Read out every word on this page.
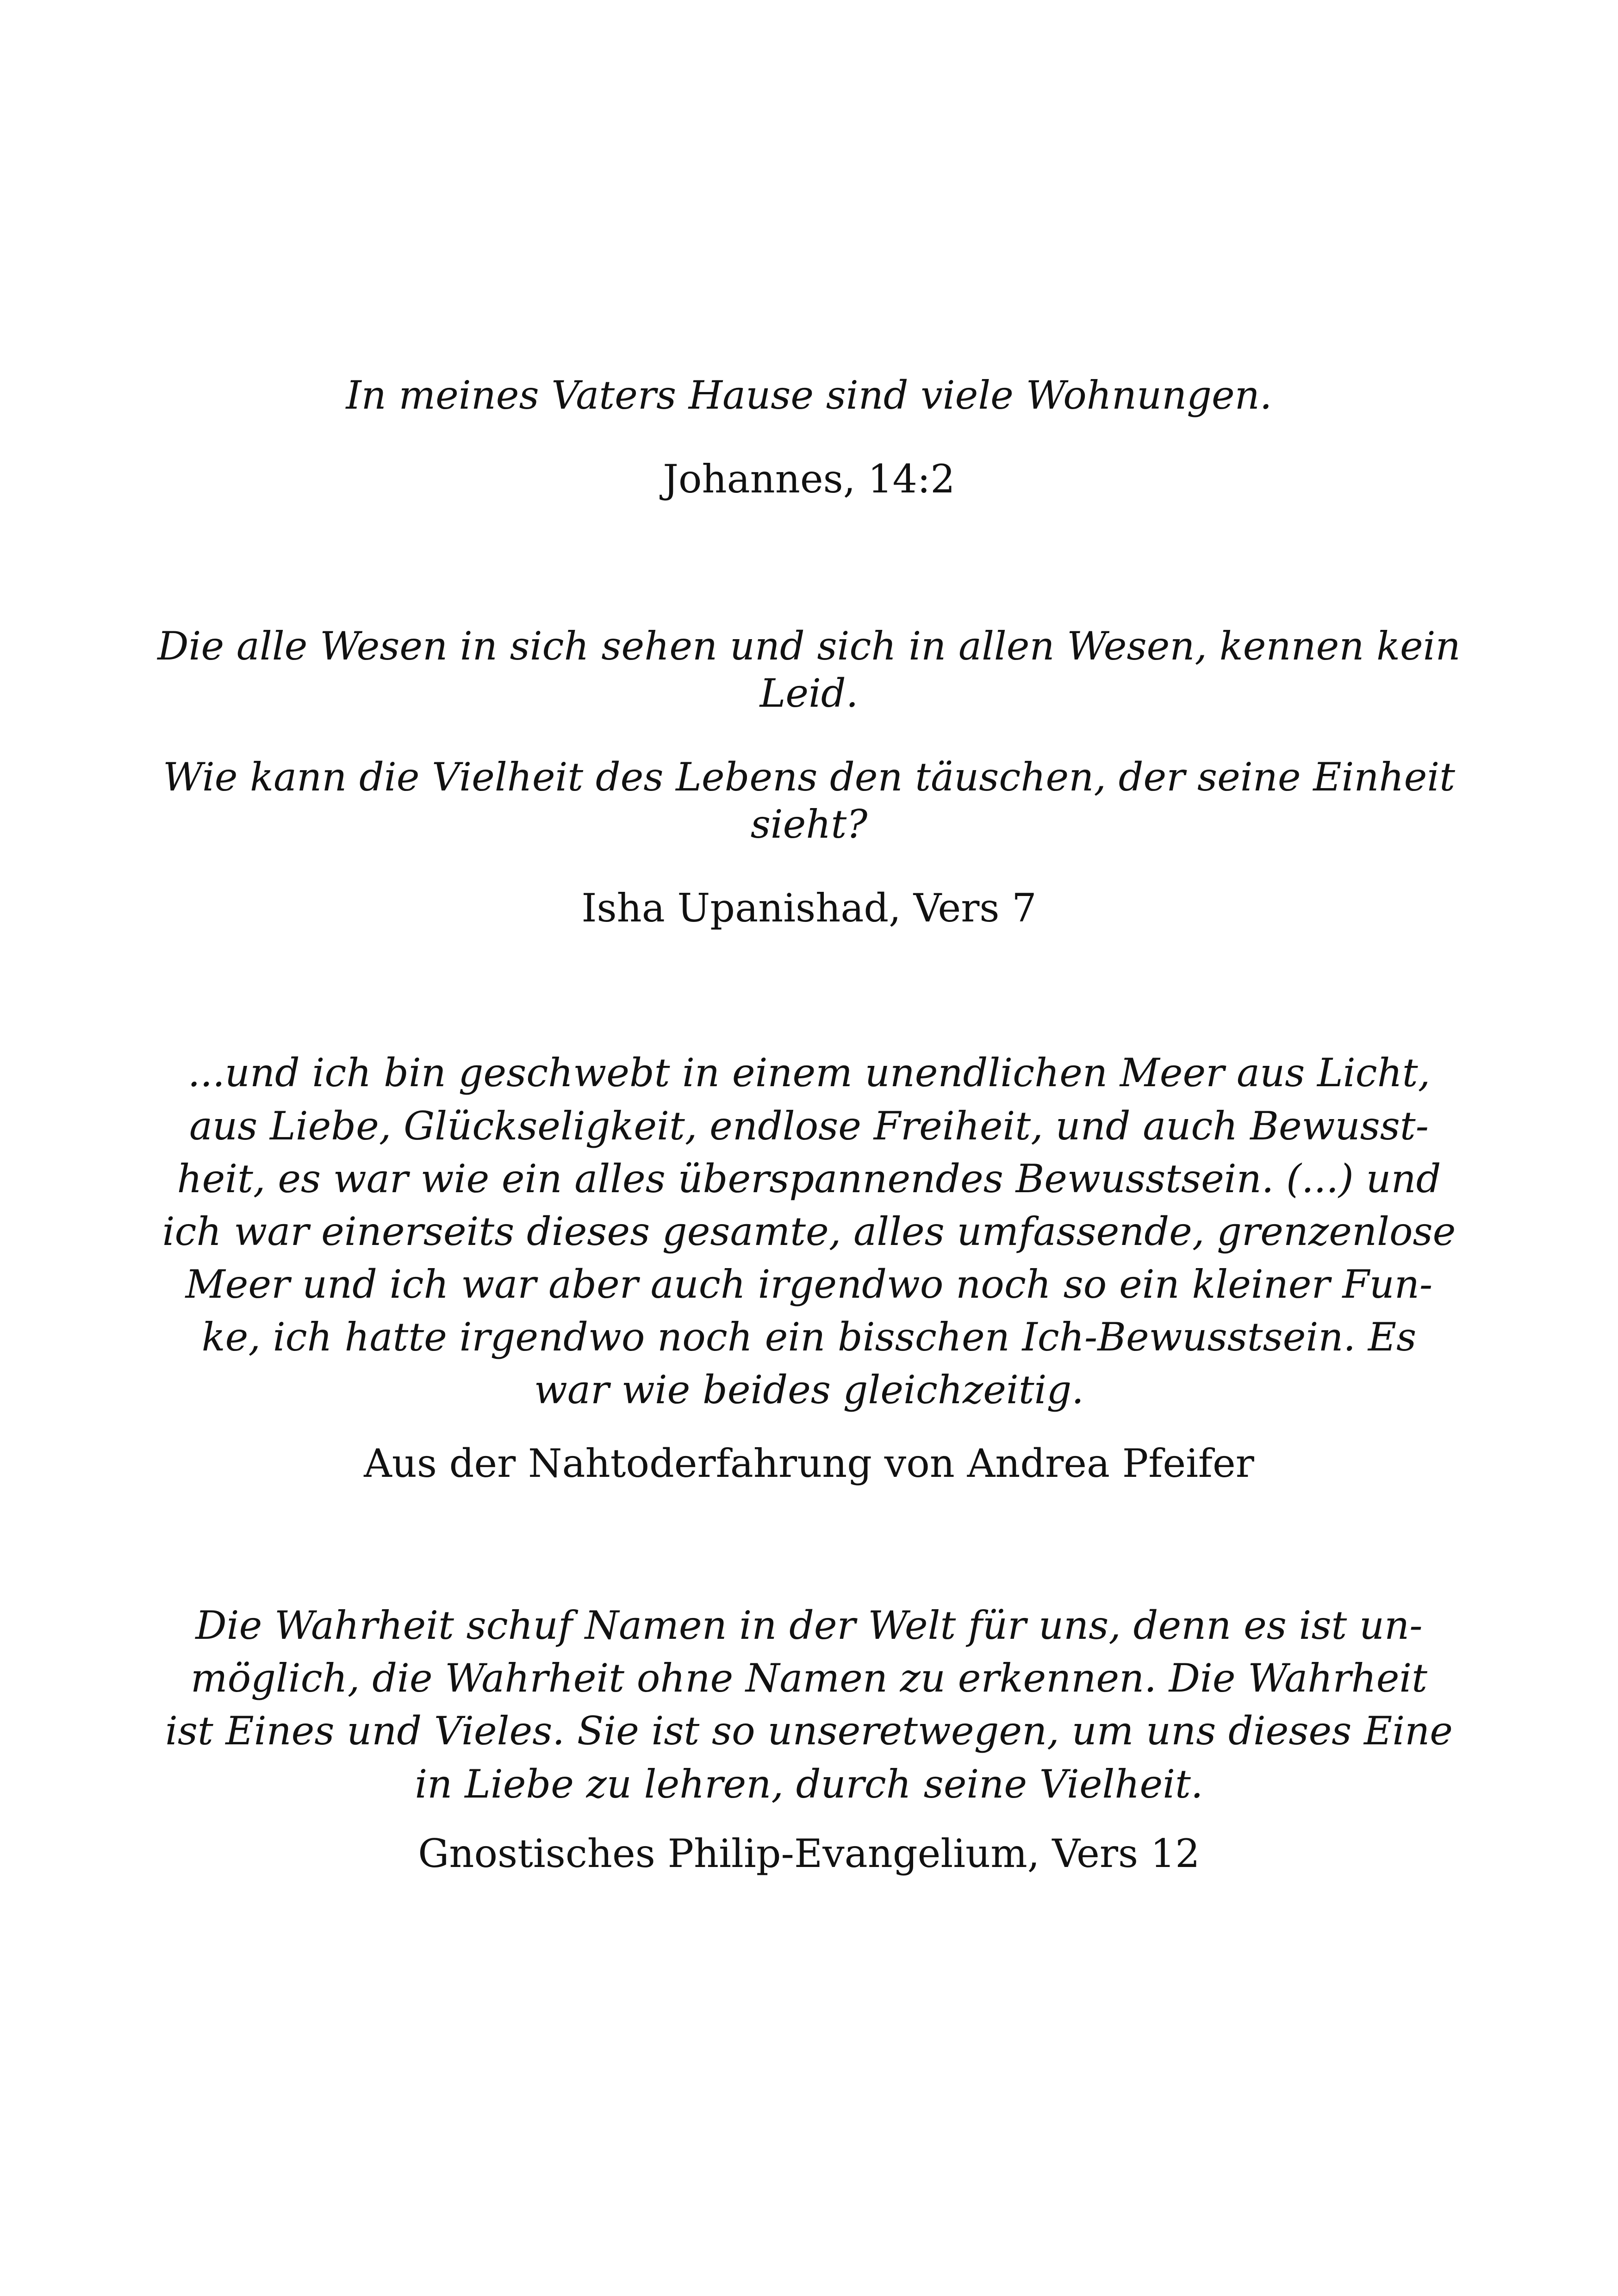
In meines Vaters Hause sind viele Wohnungen.
Johannes, 14:2
Die alle Wesen in sich sehen und sich in allen Wesen, kennen kein
Leid.
Wie kann die Vielheit des Lebens den täuschen, der seine Einheit
sieht?
Isha Upanishad, Vers 7
...und ich bin geschwebt in einem unendlichen Meer aus Licht,
aus Liebe, Glückseligkeit, endlose Freiheit, und auch Bewusst-
heit, es war wie ein alles überspannendes Bewusstsein. (...) und
ich war einerseits dieses gesamte, alles umfassende, grenzenlose
Meer und ich war aber auch irgendwo noch so ein kleiner Fun-
ke, ich hatte irgendwo noch ein bisschen Ich-Bewusstsein. Es
war wie beides gleichzeitig.
Aus der Nahtoderfahrung von Andrea Pfeifer
Die Wahrheit schuf Namen in der Welt für uns, denn es ist un-
möglich, die Wahrheit ohne Namen zu erkennen. Die Wahrheit
ist Eines und Vieles. Sie ist so unseretwegen, um uns dieses Eine
in Liebe zu lehren, durch seine Vielheit.
Gnostisches Philip-Evangelium, Vers 12
